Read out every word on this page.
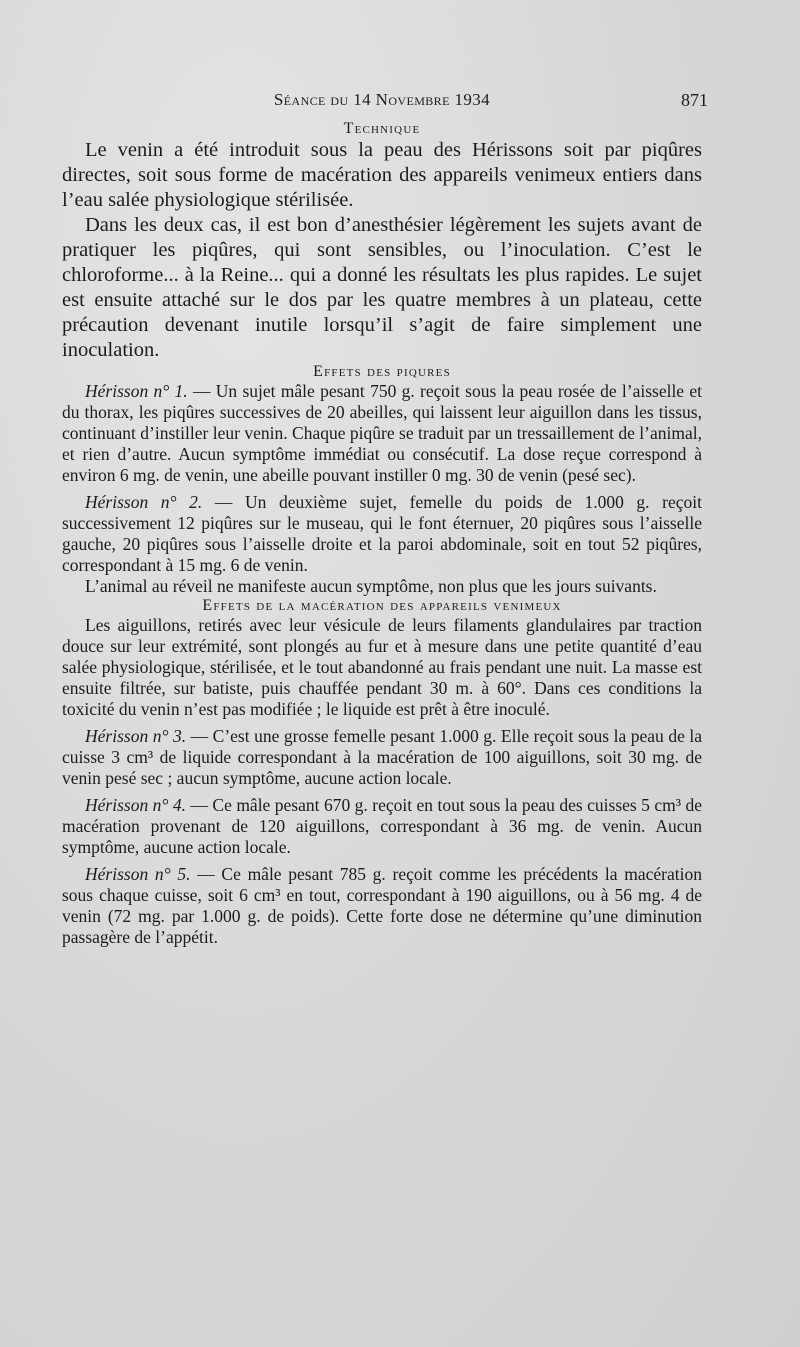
Séance du 14 Novembre 1934	871
Technique

Le venin a été introduit sous la peau des Hérissons soit par piqûres directes, soit sous forme de macération des appareils venimeux entiers dans l’eau salée physiologique stérilisée.

Dans les deux cas, il est bon d’anesthésier légèrement les sujets avant de pratiquer les piqûres, qui sont sensibles, ou l’inoculation. C’est le chloroforme... à la Reine... qui a donné les résultats les plus rapides. Le sujet est ensuite attaché sur le dos par les quatre membres à un plateau, cette précaution devenant inutile lorsqu’il s’agit de faire simplement une inoculation.

Effets des piqures

Hérisson n° 1. — Un sujet mâle pesant 750 g. reçoit sous la peau rosée de l’aisselle et du thorax, les piqûres successives de 20 abeilles, qui laissent leur aiguillon dans les tissus, continuant d’instiller leur venin. Chaque piqûre se traduit par un tressaillement de l’animal, et rien d’autre. Aucun symptôme immédiat ou consécutif. La dose reçue correspond à environ 6 mg. de venin, une abeille pouvant instiller 0 mg. 30 de venin (pesé sec).

Hérisson n° 2. — Un deuxième sujet, femelle du poids de 1.000 g. reçoit successivement 12 piqûres sur le museau, qui le font éternuer, 20 piqûres sous l’aisselle gauche, 20 piqûres sous l’aisselle droite et la paroi abdominale, soit en tout 52 piqûres, correspondant à 15 mg. 6 de venin.

L’animal au réveil ne manifeste aucun symptôme, non plus que les jours suivants.

Effets de la macération des appareils venimeux

Les aiguillons, retirés avec leur vésicule de leurs filaments glandulaires par traction douce sur leur extrémité, sont plongés au fur et à mesure dans une petite quantité d’eau salée physiologique, stérilisée, et le tout abandonné au frais pendant une nuit. La masse est ensuite filtrée, sur batiste, puis chauffée pendant 30 m. à 60°. Dans ces conditions la toxicité du venin n’est pas modifiée ; le liquide est prêt à être inoculé.

Hérisson n° 3. — C’est une grosse femelle pesant 1.000 g. Elle reçoit sous la peau de la cuisse 3 cm³ de liquide correspondant à la macération de 100 aiguillons, soit 30 mg. de venin pesé sec ; aucun symptôme, aucune action locale.

Hérisson n° 4. — Ce mâle pesant 670 g. reçoit en tout sous la peau des cuisses 5 cm³ de macération provenant de 120 aiguillons, correspondant à 36 mg. de venin. Aucun symptôme, aucune action locale.

Hérisson n° 5. — Ce mâle pesant 785 g. reçoit comme les précédents la macération sous chaque cuisse, soit 6 cm³ en tout, correspondant à 190 aiguillons, ou à 56 mg. 4 de venin (72 mg. par 1.000 g. de poids). Cette forte dose ne détermine qu’une diminution passagère de l’appétit.
